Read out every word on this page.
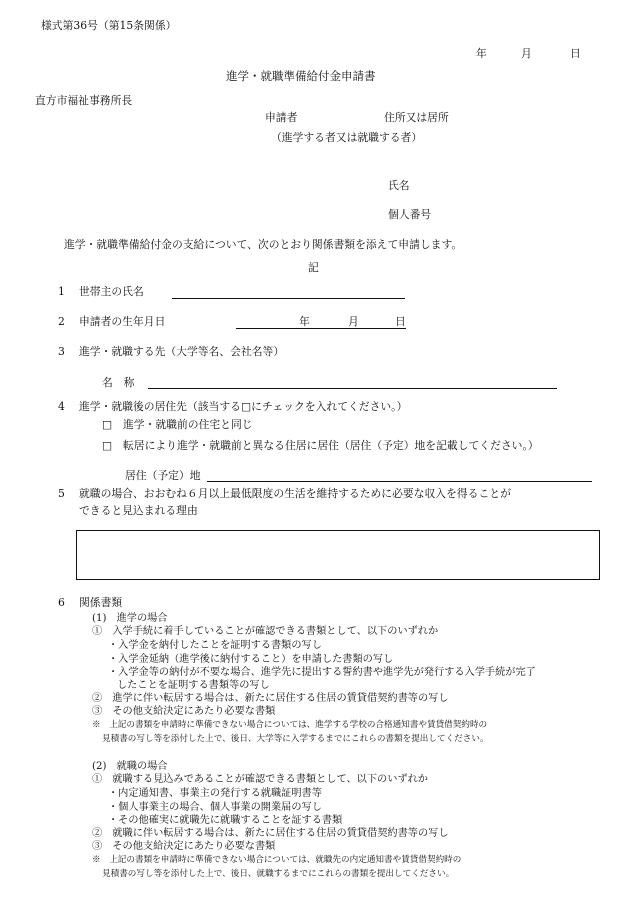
様式第36号（第15条関係）
年	月	日
進学・就職準備給付金申請書
直方市福祉事務所長
申請者	住所又は居所
（進学する者又は就職する者）
氏名
個人番号
進学・就職準備給付金の支給について、次のとおり関係書類を添えて申請します。
記
1 世帯主の氏名
2 申請者の生年月日	年	月	日
3 進学・就職する先（大学等名、会社名等）
名　称
4 進学・就職後の居住先（該当する□にチェックを入れてください。）
□ 進学・就職前の住宅と同じ
□ 転居により進学・就職前と異なる住居に居住（居住（予定）地を記載してください。）
居住（予定）地
5 就職の場合、おおむね６月以上最低限度の生活を維持するために必要な収入を得ることが
できると見込まれる理由
6 関係書類
(1)　進学の場合
①　入学手続に着手していることが確認できる書類として、以下のいずれか
・入学金を納付したことを証明する書類の写し
・入学金延納（進学後に納付すること）を申請した書類の写し
・入学金等の納付が不要な場合、進学先に提出する誓約書や進学先が発行する入学手続が完了
したことを証明する書類等の写し
②　進学に伴い転居する場合は、新たに居住する住居の賃貸借契約書等の写し
③　その他支給決定にあたり必要な書類
※　上記の書類を申請時に準備できない場合については、進学する学校の合格通知書や賃貸借契約時の
見積書の写し等を添付した上で、後日、大学等に入学するまでにこれらの書類を提出してください。
(2)　就職の場合
①　就職する見込みであることが確認できる書類として、以下のいずれか
・内定通知書、事業主の発行する就職証明書等
・個人事業主の場合、個人事業の開業届の写し
・その他確実に就職先に就職することを証する書類
②　就職に伴い転居する場合は、新たに居住する住居の賃貸借契約書等の写し
③　その他支給決定にあたり必要な書類
※　上記の書類を申請時に準備できない場合については、就職先の内定通知書や賃貸借契約時の
見積書の写し等を添付した上で、後日、就職するまでにこれらの書類を提出してください。
